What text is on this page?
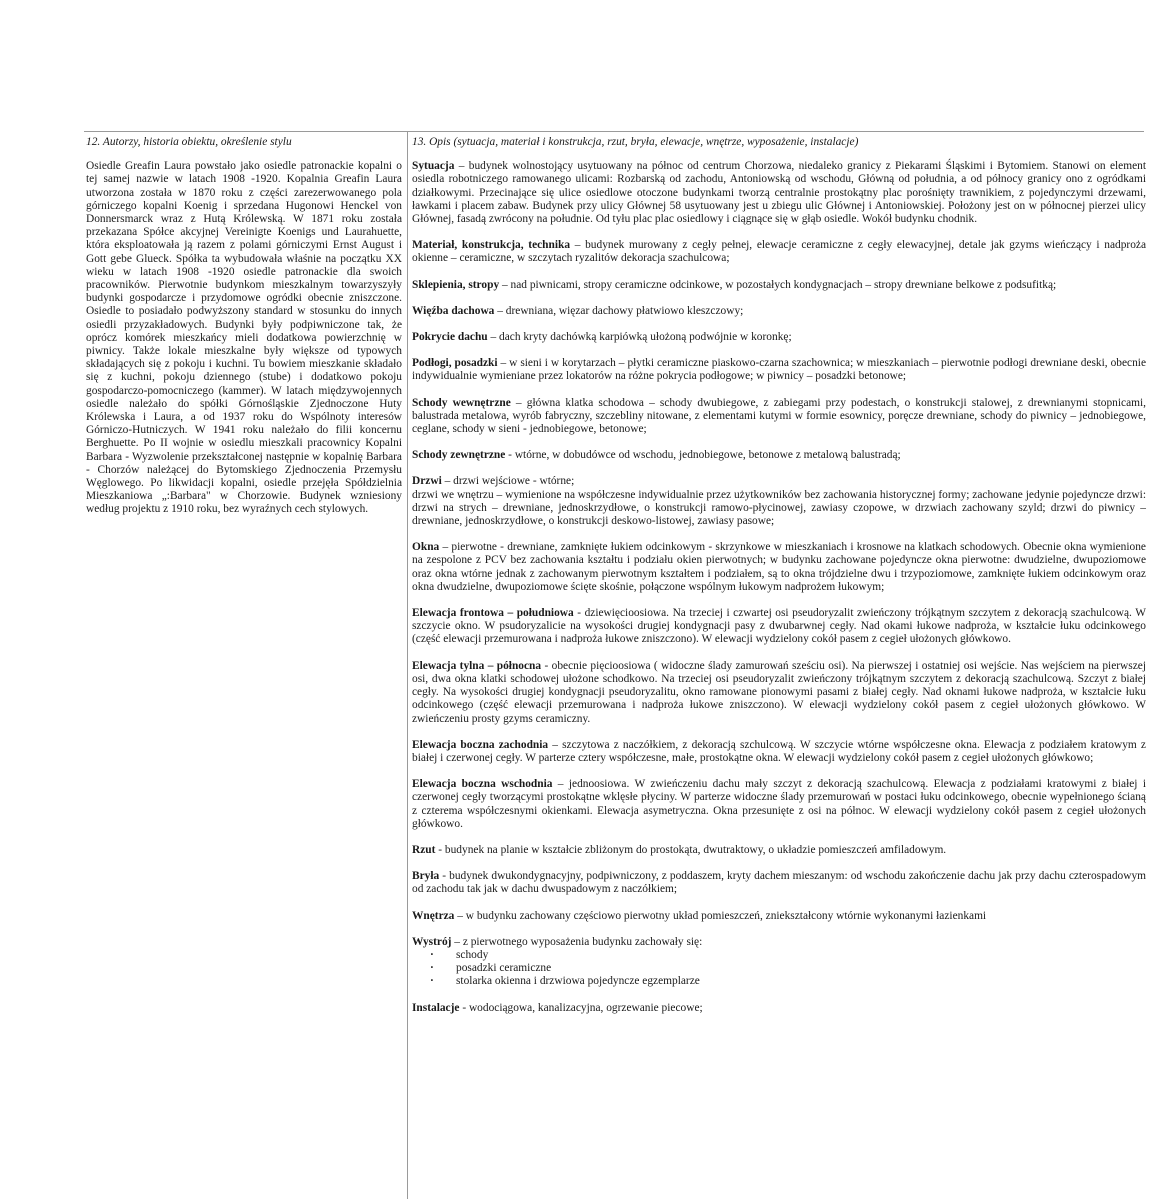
12. Autorzy, historia obiektu, określenie stylu

Osiedle Greafin Laura powstało jako osiedle patronackie kopalni o tej samej nazwie w latach 1908 -1920. Kopalnia Greafin Laura utworzona została w 1870 roku z części zarezerwowanego pola górniczego kopalni Koenig i sprzedana Hugonowi Henckel von Donnersmarck wraz z Hutą Królewską. W 1871 roku została przekazana Spółce akcyjnej Vereinigte Koenigs und Laurahuette, która eksploatowała ją razem z polami górniczymi Ernst August i Gott gebe Glueck. Spółka ta wybudowała właśnie na początku XX wieku w latach 1908 -1920 osiedle patronackie dla swoich pracowników. Pierwotnie budynkom mieszkalnym towarzyszyły budynki gospodarcze i przydomowe ogródki obecnie zniszczone. Osiedle to posiadało podwyższony standard w stosunku do innych osiedli przyzakładowych. Budynki były podpiwniczone tak, że oprócz komórek mieszkańcy mieli dodatkowa powierzchnię w piwnicy. Także lokale mieszkalne były większe od typowych składających się z pokoju i kuchni. Tu bowiem mieszkanie składało się z kuchni, pokoju dziennego (stube) i dodatkowo pokoju gospodarczo-pomocniczego (kammer). W latach międzywojennych osiedle należało do spółki Górnośląskie Zjednoczone Huty Królewska i Laura, a od 1937 roku do Wspólnoty interesów Górniczo-Hutniczych. W 1941 roku należało do filii koncernu Berghuette. Po II wojnie w osiedlu mieszkali pracownicy Kopalni Barbara - Wyzwolenie przekształconej następnie w kopalnię Barbara - Chorzów należącej do Bytomskiego Zjednoczenia Przemysłu Węglowego. Po likwidacji kopalni, osiedle przejęła Spółdzielnia Mieszkaniowa „:Barbara" w Chorzowie. Budynek wzniesiony według projektu z 1910 roku, bez wyraźnych cech stylowych.

13. Opis (sytuacja, materiał i konstrukcja, rzut, bryła, elewacje, wnętrze, wyposażenie, instalacje)

Sytuacja – budynek wolnostojący usytuowany na północ od centrum Chorzowa, niedaleko granicy z Piekarami Śląskimi i Bytomiem. Stanowi on element osiedla robotniczego ramowanego ulicami: Rozbarską od zachodu, Antoniowską od wschodu, Główną od południa, a od północy granicy ono z ogródkami działkowymi. Przecinające się ulice osiedlowe otoczone budynkami tworzą centralnie prostokątny plac porośnięty trawnikiem, z pojedynczymi drzewami, ławkami i placem zabaw. Budynek przy ulicy Głównej 58 usytuowany jest u zbiegu ulic Głównej i Antoniowskiej. Położony jest on w północnej pierzei ulicy Głównej, fasadą zwrócony na południe. Od tyłu plac plac osiedlowy i ciągnące się w głąb osiedle. Wokół budynku chodnik.

Materiał, konstrukcja, technika – budynek murowany z cegły pełnej, elewacje ceramiczne z cegły elewacyjnej, detale jak gzyms wieńczący i nadproża okienne – ceramiczne, w szczytach ryzalitów dekoracja szachulcowa;

Sklepienia, stropy – nad piwnicami, stropy ceramiczne odcinkowe, w pozostałych kondygnacjach – stropy drewniane belkowe z podsufitką;

Więźba dachowa – drewniana, więzar dachowy płatwiowo kleszczowy;

Pokrycie dachu – dach kryty dachówką karpiówką ułożoną podwójnie w koronkę;

Podłogi, posadzki – w sieni i w korytarzach – płytki ceramiczne piaskowo-czarna szachownica; w mieszkaniach – pierwotnie podłogi drewniane deski, obecnie indywidualnie wymieniane przez lokatorów na różne pokrycia podłogowe; w piwnicy – posadzki betonowe;

Schody wewnętrzne – główna klatka schodowa – schody dwubiegowe, z zabiegami przy podestach, o konstrukcji stalowej, z drewnianymi stopnicami, balustrada metalowa, wyrób fabryczny, szczebliny nitowane, z elementami kutymi w formie esownicy, poręcze drewniane, schody do piwnicy – jednobiegowe, ceglane, schody w sieni - jednobiegowe, betonowe;

Schody zewnętrzne - wtórne, w dobudówce od wschodu, jednobiegowe, betonowe z metalową balustradą;

Drzwi – drzwi wejściowe - wtórne;
drzwi we wnętrzu – wymienione na współczesne indywidualnie przez użytkowników bez zachowania historycznej formy; zachowane jedynie pojedyncze drzwi: drzwi na strych – drewniane, jednoskrzydłowe, o konstrukcji ramowo-płycinowej, zawiasy czopowe, w drzwiach zachowany szyld; drzwi do piwnicy – drewniane, jednoskrzydłowe, o konstrukcji deskowo-listowej, zawiasy pasowe;

Okna – pierwotne - drewniane, zamknięte łukiem odcinkowym - skrzynkowe w mieszkaniach i krosnowe na klatkach schodowych. Obecnie okna wymienione na zespolone z PCV bez zachowania kształtu i podziału okien pierwotnych; w budynku zachowane pojedyncze okna pierwotne: dwudzielne, dwupoziomowe oraz okna wtórne jednak z zachowanym pierwotnym kształtem i podziałem, są to okna trójdzielne dwu i trzypoziomowe, zamknięte łukiem odcinkowym oraz okna dwudzielne, dwupoziomowe ścięte skośnie, połączone wspólnym łukowym nadprożem łukowym;

Elewacja frontowa – południowa - dziewięcioosiowa. Na trzeciej i czwartej osi pseudoryzalit zwieńczony trójkątnym szczytem z dekoracją szachulcową. W szczycie okno. W psudoryzalicie na wysokości drugiej kondygnacji pasy z dwubarwnej cegły. Nad okami łukowe nadproża, w kształcie łuku odcinkowego (część elewacji przemurowana i nadproża łukowe zniszczono). W elewacji wydzielony cokół pasem z cegieł ułożonych główkowo.

Elewacja tylna – północna - obecnie pięcioosiowa ( widoczne ślady zamurowań sześciu osi). Na pierwszej i ostatniej osi wejście. Nas wejściem na pierwszej osi, dwa okna klatki schodowej ułożone schodkowo. Na trzeciej osi pseudoryzalit zwieńczony trójkątnym szczytem z dekoracją szachulcową. Szczyt z białej cegły. Na wysokości drugiej kondygnacji pseudoryzalitu, okno ramowane pionowymi pasami z białej cegły. Nad oknami łukowe nadproża, w kształcie łuku odcinkowego (część elewacji przemurowana i nadproża łukowe zniszczono). W elewacji wydzielony cokół pasem z cegieł ułożonych główkowo. W zwieńczeniu prosty gzyms ceramiczny.

Elewacja boczna zachodnia – szczytowa z naczółkiem, z dekoracją szchulcową. W szczycie wtórne współczesne okna. Elewacja z podziałem kratowym z białej i czerwonej cegły. W parterze cztery współczesne, małe, prostokątne okna. W elewacji wydzielony cokół pasem z cegieł ułożonych główkowo;

Elewacja boczna wschodnia – jednoosiowa. W zwieńczeniu dachu mały szczyt z dekoracją szachulcową. Elewacja z podziałami kratowymi z białej i czerwonej cegły tworzącymi prostokątne wklęsłe płyciny. W parterze widoczne ślady przemurowań w postaci łuku odcinkowego, obecnie wypełnionego ścianą z czterema współczesnymi okienkami. Elewacja asymetryczna. Okna przesunięte z osi na północ. W elewacji wydzielony cokół pasem z cegieł ułożonych główkowo.

Rzut - budynek na planie w kształcie zbliżonym do prostokąta, dwutraktowy, o układzie pomieszczeń amfiladowym.

Bryła - budynek dwukondygnacyjny, podpiwniczony, z poddaszem, kryty dachem mieszanym: od wschodu zakończenie dachu jak przy dachu czterospadowym od zachodu tak jak w dachu dwuspadowym z naczółkiem;

Wnętrza – w budynku zachowany częściowo pierwotny układ pomieszczeń, zniekształcony wtórnie wykonanymi łazienkami

Wystrój – z pierwotnego wyposażenia budynku zachowały się:

· schody
· posadzki ceramiczne
· stolarka okienna i drzwiowa pojedyncze egzemplarze

Instalacje - wodociągowa, kanalizacyjna, ogrzewanie piecowe;
